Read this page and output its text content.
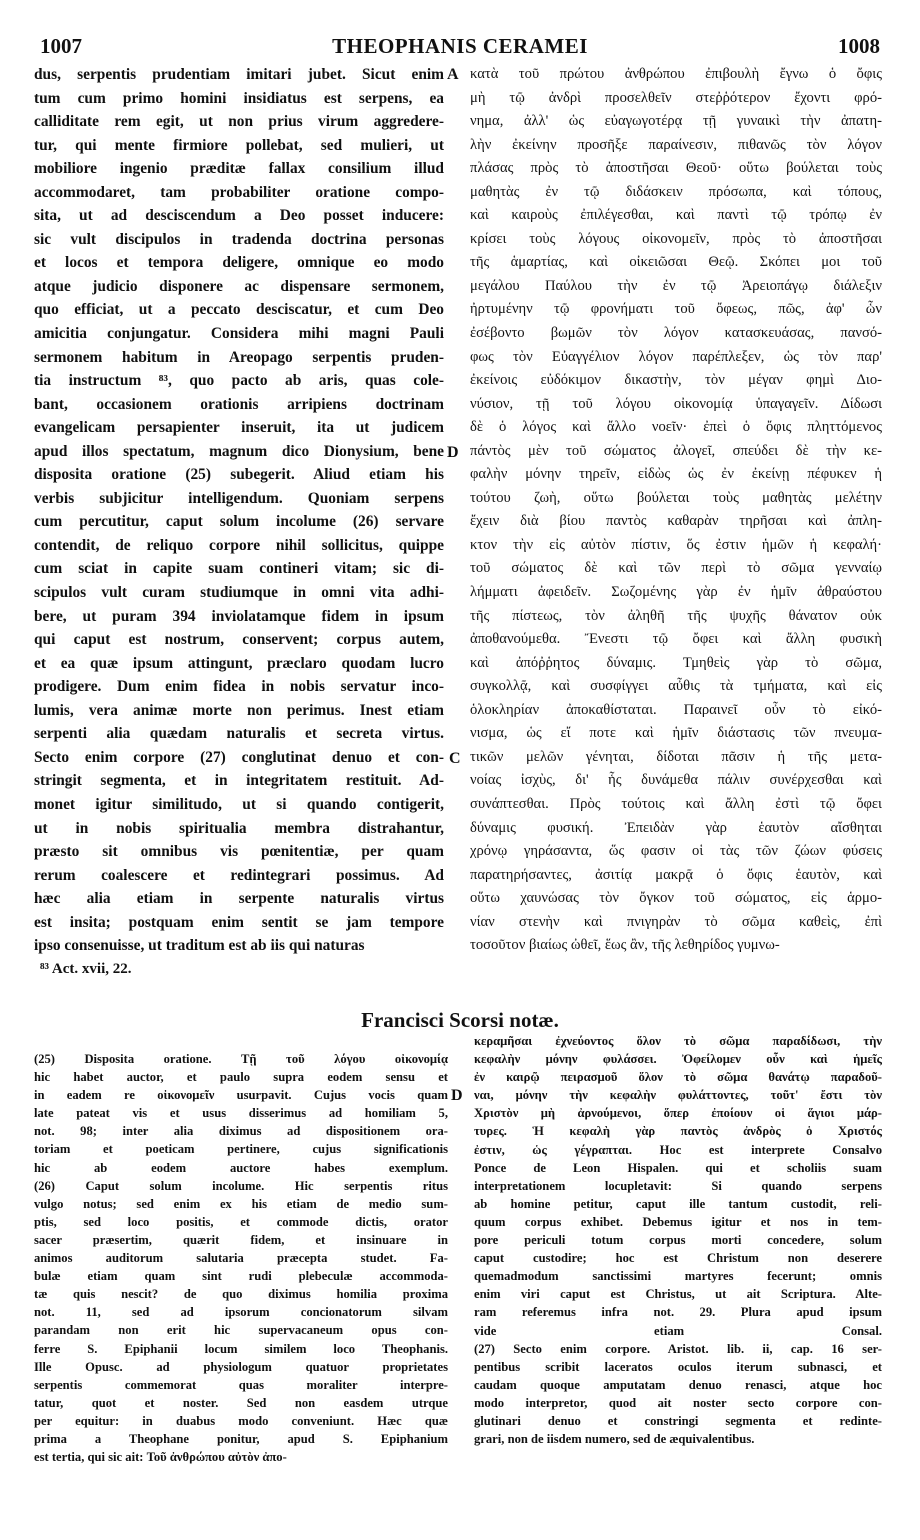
1007	THEOPHANIS CERAMEI	1008
dus, serpentis prudentiam imitari jubet. Sicut enim
tum cum primo homini insidiatus est serpens, ea
calliditate rem egit, ut non prius virum aggredere-
tur, qui mente firmiore pollebat, sed mulieri, ut
mobiliore ingenio præditæ fallax consilium illud
accommodaret, tam probabiliter oratione compo-
sita, ut ad desciscendum a Deo posset inducere:
sic vult discipulos in tradenda doctrina personas
et locos et tempora deligere, omnique eo modo
atque judicio disponere ac dispensare sermonem,
quo efficiat, ut a peccato desciscatur, et cum Deo
amicitia conjungatur. Considera mihi magni Pauli
sermonem habitum in Areopago serpentis pruden-
tia instructum ⁸³, quo pacto ab aris, quas cole-
bant, occasionem orationis arripiens doctrinam
evangelicam persapienter inseruit, ita ut judicem
apud illos spectatum, magnum dico Dionysium, bene
disposita oratione (25) subegerit. Aliud etiam his
verbis subjicitur intelligendum. Quoniam serpens
cum percutitur, caput solum incolume (26) servare
contendit, de reliquo corpore nihil sollicitus, quippe
cum sciat in capite suam contineri vitam; sic di-
scipulos vult curam studiumque in omni vita adhi-
bere, ut puram 394 inviolatamque fidem in ipsum
qui caput est nostrum, conservent; corpus autem,
et ea quæ ipsum attingunt, præclaro quodam lucro
prodigere. Dum enim fidea in nobis servatur inco-
lumis, vera animæ morte non perimus. Inest etiam
serpenti alia quædam naturalis et secreta virtus.
Secto enim corpore (27) conglutinat denuo et con-
stringit segmenta, et in integritatem restituit. Ad-
monet igitur similitudo, ut si quando contigerit,
ut in nobis spiritualia membra distrahantur,
præsto sit omnibus vis pœnitentiæ, per quam
rerum coalescere et redintegrari possimus. Ad
hæc alia etiam in serpente naturalis virtus
est insita; postquam enim sentit se jam tempore
ipso consenuisse, ut traditum est ab iis qui naturas
κατὰ τοῦ πρώτου ἀνθρώπου ἐπιβουλὴ ἔγνω ὁ ὄφις
μὴ τῷ ἀνδρὶ προσελθεῖν στεῤῥότερον ἔχοντι φρό-
νημα, ἀλλ' ὡς εὐαγωγοτέρᾳ τῇ γυναικὶ τὴν ἀπατη-
λὴν ἐκείνην προσῆξε παραίνεσιν, πιθανῶς τὸν λόγον
πλάσας πρὸς τὸ ἀποστῆσαι Θεοῦ· οὕτω βούλεται τοὺς
μαθητὰς ἐν τῷ διδάσκειν πρόσωπα, καὶ τόπους,
καὶ καιροὺς ἐπιλέγεσθαι, καὶ παντὶ τῷ τρόπῳ ἐν
κρίσει τοὺς λόγους οἰκονομεῖν, πρὸς τὸ ἀποστῆσαι
τῆς ἁμαρτίας, καὶ οἰκειῶσαι Θεῷ. Σκόπει μοι τοῦ
μεγάλου Παύλου τὴν ἐν τῷ Ἀρειοπάγῳ διάλεξιν
ἠρτυμένην τῷ φρονήματι τοῦ ὄφεως, πῶς, ἀφ' ὧν
ἐσέβοντο βωμῶν τὸν λόγον κατασκευάσας, πανσό-
φως τὸν Εὐαγγέλιον λόγον παρέπλεξεν, ὡς τὸν παρ'
ἐκείνοις εὐδόκιμον δικαστὴν, τὸν μέγαν φημὶ Διο-
νύσιον, τῇ τοῦ λόγου οἰκονομίᾳ ὑπαγαγεῖν. Δίδωσι
δὲ ὁ λόγος καὶ ἄλλο νοεῖν· ἐπεὶ ὁ ὄφις πληττόμενος
πάντὸς μὲν τοῦ σώματος ἀλογεῖ, σπεύδει δὲ τὴν κε-
φαλὴν μόνην τηρεῖν, εἰδὼς ὡς ἐν ἐκείνῃ πέφυκεν ἡ
τούτου ζωὴ, οὕτω βούλεται τοὺς μαθητὰς μελέτην
ἔχειν διὰ βίου παντὸς καθαρὰν τηρῆσαι καὶ ἀπλη-
κτον τὴν εἰς αὐτὸν πίστιν, ὅς ἐστιν ἡμῶν ἡ κεφαλή·
τοῦ σώματος δὲ καὶ τῶν περὶ τὸ σῶμα γενναίῳ
λήμματι ἀφειδεῖν. Σωζομένης γὰρ ἐν ἡμῖν ἀθραύστου
τῆς πίστεως, τὸν ἀληθῆ τῆς ψυχῆς θάνατον οὐκ
ἀποθανούμεθα. Ἔνεστι τῷ ὄφει καὶ ἄλλη φυσικὴ
καὶ ἀπόῤῥητος δύναμις. Τμηθεὶς γὰρ τὸ σῶμα,
συγκολλᾷ, καὶ συσφίγγει αὖθις τὰ τμήματα, καὶ εἰς
ὁλοκληρίαν ἀποκαθίσταται. Παραινεῖ οὖν τὸ εἰκό-
νισμα, ὡς εἴ ποτε καὶ ἡμῖν διάστασις τῶν πνευμα-
τικῶν μελῶν γένηται, δίδοται πᾶσιν ἡ τῆς μετα-
νοίας ἰσχὺς, δι' ἧς δυνάμεθα πάλιν συνέρχεσθαι καὶ
συνάπτεσθαι. Πρὸς τούτοις καὶ ἄλλη ἐστὶ τῷ ὄφει
δύναμις φυσική. Ἐπειδὰν γὰρ ἑαυτὸν αἴσθηται
χρόνῳ γηράσαντα, ὥς φασιν οἱ τὰς τῶν ζώων φύσεις
παρατηρήσαντες, ἀσιτίᾳ μακρᾷ ὁ ὄφις ἑαυτὸν, καὶ
οὕτω χαυνώσας τὸν ὄγκον τοῦ σώματος, εἰς ἁρμο-
νίαν στενὴν καὶ πνιγηρὰν τὸ σῶμα καθεὶς, ἐπὶ
τοσοῦτον βιαίως ὠθεῖ, ἕως ἂν, τῆς λεθηρίδος γυμνω-
A
D
C
⁸³ Act. xvii, 22.
Francisci Scorsi notæ.
(25) Disposita oratione. Τῇ τοῦ λόγου οἰκονομίᾳ
hic habet auctor, et paulo supra eodem sensu et
in eadem re οἰκονομεῖν usurpavit. Cujus vocis quam
late pateat vis et usus disserimus ad homiliam 5,
not. 98; inter alia diximus ad dispositionem ora-
toriam et poeticam pertinere, cujus significationis
hic ab eodem auctore habes exemplum.
(26) Caput solum incolume. Hic serpentis ritus
vulgo notus; sed enim ex his etiam de medio sum-
ptis, sed loco positis, et commode dictis, orator
sacer præsertim, quærit fidem, et insinuare in
animos auditorum salutaria præcepta studet. Fa-
bulæ etiam quam sint rudi plebeculæ accommoda-
tæ quis nescit? de quo diximus homilia proxima
not. 11, sed ad ipsorum concionatorum silvam
parandam non erit hic supervacaneum opus con-
ferre S. Epiphanii locum similem loco Theophanis.
Ille Opusc. ad physiologum quatuor proprietates
serpentis commemorat quas moraliter interpre-
tatur, quot et noster. Sed non easdem utrque
per equitur: in duabus modo conveniunt. Hæc quæ
prima a Theophane ponitur, apud S. Epiphanium
est tertia, qui sic ait: Τοῦ ἀνθρώπου αὐτὸν ἀπο-
κεραμῆσαι ἐχνεύοντος ὅλον τὸ σῶμα παραδίδωσι, τὴν
κεφαλὴν μόνην φυλάσσει. Ὀφείλομεν οὖν καὶ ἡμεῖς
ἐν καιρῷ πειρασμοῦ ὅλον τὸ σῶμα θανάτῳ παραδοῦ-
ναι, μόνην τὴν κεφαλὴν φυλάττοντες, τοῦτ' ἔστι τὸν
Χριστὸν μὴ ἀρνούμενοι, ὅπερ ἐποίουν οἱ ἅγιοι μάρ-
τυρες. Ἡ κεφαλὴ γὰρ παντὸς ἀνδρὸς ὁ Χριστός
ἐστιν, ὡς γέγραπται. Hoc est interprete Consalvo
Ponce de Leon Hispalen. qui et scholiis suam
interpretationem locupletavit: Si quando serpens
ab homine petitur, caput ille tantum custodit, reli-
quum corpus exhibet. Debemus igitur et nos in tem-
pore periculi totum corpus morti concedere, solum
caput custodire; hoc est Christum non deserere
quemadmodum sanctissimi martyres fecerunt; omnis
enim viri caput est Christus, ut ait Scriptura. Alte-
ram referemus infra not. 29. Plura apud ipsum
vide etiam Consal.
(27) Secto enim corpore. Aristot. lib. ii, cap. 16 ser-
pentibus scribit laceratos oculos iterum subnasci, et
caudam quoque amputatam denuo renasci, atque hoc
modo interpretor, quod ait noster secto corpore con-
glutinari denuo et constringi segmenta et redinte-
grari, non de iisdem numero, sed de æquivalentibus.
D
